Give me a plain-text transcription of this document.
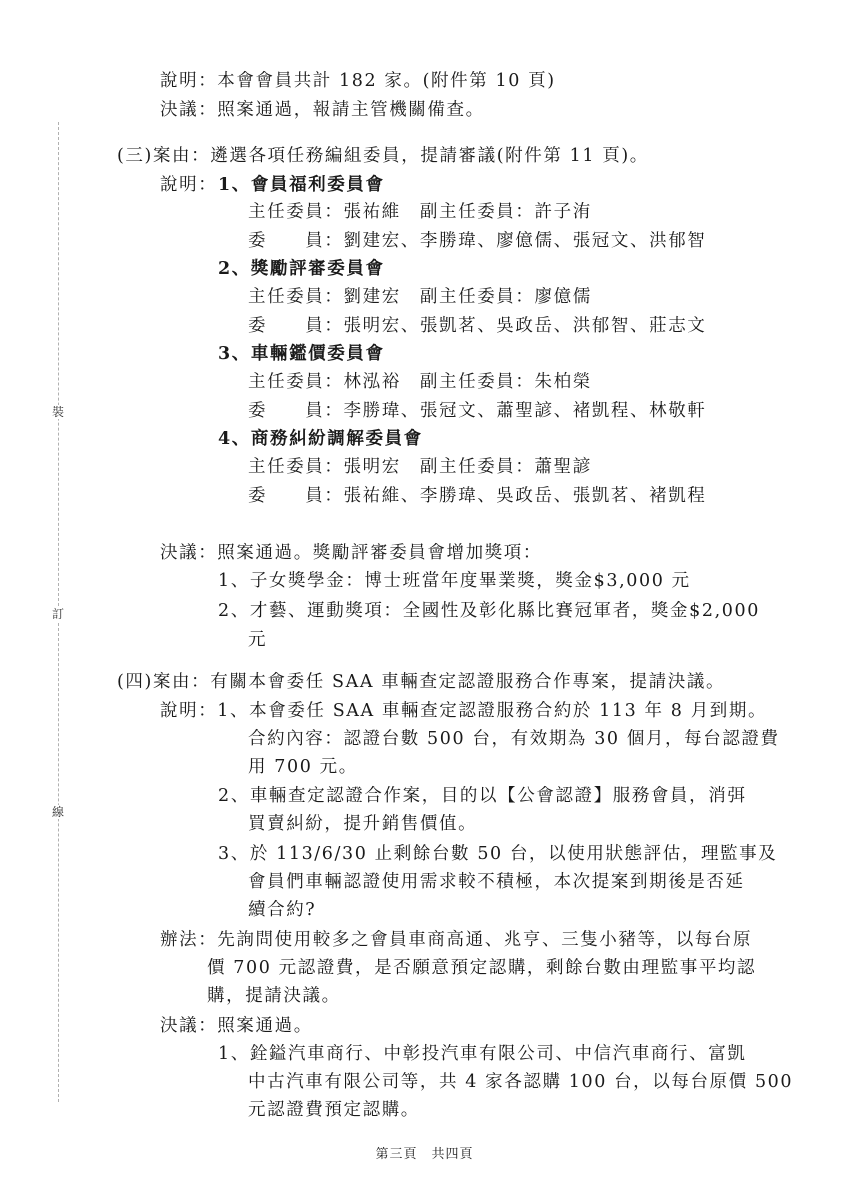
裝
訂
線
說明：本會會員共計 182 家。(附件第 10 頁)
決議：照案通過，報請主管機關備查。
(三)案由：遴選各項任務編組委員，提請審議(附件第 11 頁)。
說明： 1、會員福利委員會
主任委員：張祐維　副主任委員：許子洧
委　　員：劉建宏、李勝瑋、廖億儒、張冠文、洪郁智
2、獎勵評審委員會
主任委員：劉建宏　副主任委員：廖億儒
委　　員：張明宏、張凱茗、吳政岳、洪郁智、莊志文
3、車輛鑑價委員會
主任委員：林泓裕　副主任委員：朱柏榮
委　　員：李勝瑋、張冠文、蕭聖諺、褚凱程、林敬軒
4、商務糾紛調解委員會
主任委員：張明宏　副主任委員：蕭聖諺
委　　員：張祐維、李勝瑋、吳政岳、張凱茗、褚凱程
決議：照案通過。獎勵評審委員會增加獎項：
1、子女獎學金：博士班當年度畢業獎，獎金$3,000 元
2、才藝、運動獎項：全國性及彰化縣比賽冠軍者，獎金$2,000
元
(四)案由：有關本會委任 SAA 車輛查定認證服務合作專案，提請決議。
說明：1、本會委任 SAA 車輛查定認證服務合約於 113 年 8 月到期。
合約內容：認證台數 500 台，有效期為 30 個月，每台認證費
用 700 元。
2、車輛查定認證合作案，目的以【公會認證】服務會員，消弭
買賣糾紛，提升銷售價值。
3、於 113/6/30 止剩餘台數 50 台，以使用狀態評估，理監事及
會員們車輛認證使用需求較不積極，本次提案到期後是否延
續合約?
辦法：先詢問使用較多之會員車商高通、兆亨、三隻小豬等，以每台原
價 700 元認證費，是否願意預定認購，剩餘台數由理監事平均認
購，提請決議。
決議：照案通過。
1、銓鎰汽車商行、中彰投汽車有限公司、中信汽車商行、富凱
中古汽車有限公司等，共 4 家各認購 100 台，以每台原價 500
元認證費預定認購。
第三頁　共四頁
